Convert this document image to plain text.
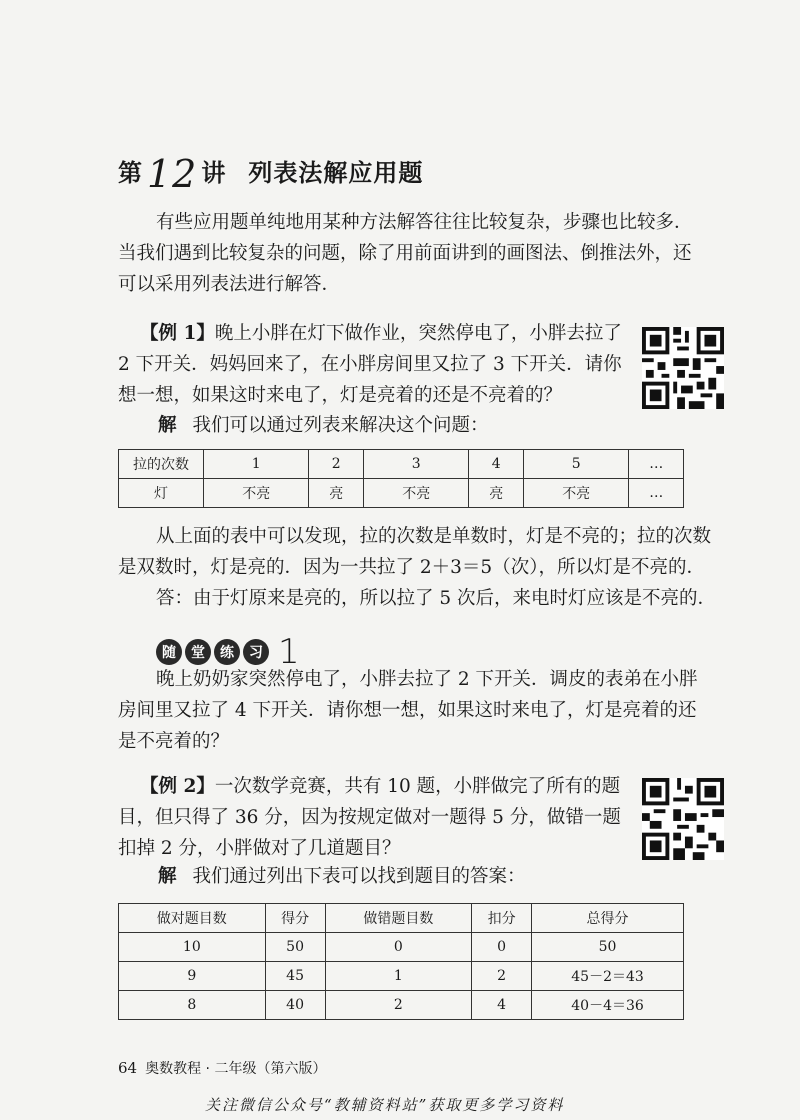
第 12 讲 列表法解应用题
有些应用题单纯地用某种方法解答往往比较复杂，步骤也比较多．当我们遇到比较复杂的问题，除了用前面讲到的画图法、倒推法外，还可以采用列表法进行解答．
【例 1】晚上小胖在灯下做作业，突然停电了，小胖去拉了 2 下开关．妈妈回来了，在小胖房间里又拉了 3 下开关．请你想一想，如果这时来电了，灯是亮着的还是不亮着的？
解 我们可以通过列表来解决这个问题：
拉的次数	1	2	3	4	5	…
灯	不亮	亮	不亮	亮	不亮	…
从上面的表中可以发现，拉的次数是单数时，灯是不亮的；拉的次数
是双数时，灯是亮的．因为一共拉了 2＋3＝5（次），所以灯是不亮的．
答：由于灯原来是亮的，所以拉了 5 次后，来电时灯应该是不亮的．
随	堂	练	习 1
晚上奶奶家突然停电了，小胖去拉了 2 下开关．调皮的表弟在小胖房间里又拉了 4 下开关．请你想一想，如果这时来电了，灯是亮着的还是不亮着的？
【例 2】一次数学竞赛，共有 10 题，小胖做完了所有的题目，但只得了 36 分，因为按规定做对一题得 5 分，做错一题扣掉 2 分，小胖做对了几道题目？
解 我们通过列出下表可以找到题目的答案：
做对题目数	得分	做错题目数	扣分	总得分
10	50	0	0	50
9	45	1	2	45－2＝43
8	40	2	4	40－4＝36
64 奥数教程 · 二年级（第六版）
关注微信公众号“教辅资料站”获取更多学习资料
